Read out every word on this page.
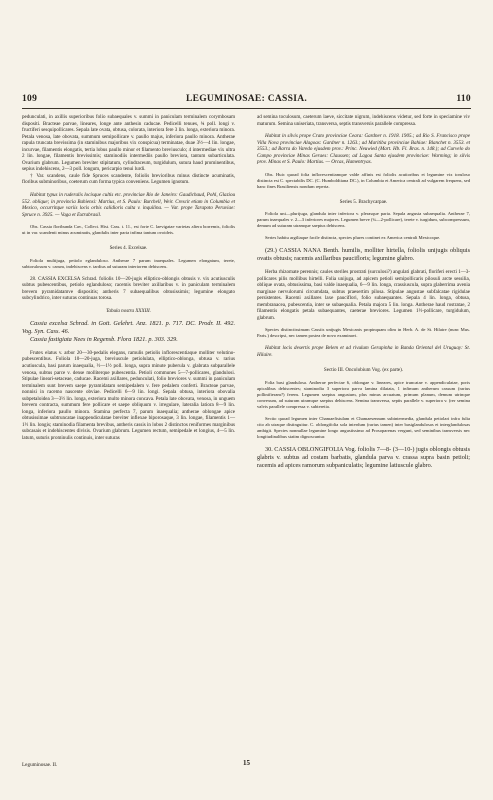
109	LEGUMINOSAE: CASSIA.	110

pedunculati, in axillis superioribus folio subaequales v. summi in paniculam terminalem corymbosam dispositi. Bracteae parvae, lineares, longe ante anthesin caducae. Pedicelli tenues, ¾ poll. longi v. fructiferi sesquipollicares. Sepala late ovata, obtusa, colorata, interiora fere 3 lin. longa, exteriora minora. Petala venosa, late obovata, summum semipollicare v. paullo majus, inferiora paullo minora. Antherae rapula truncata brevissima (in staminibus majoribus vix conspicua) terminatae, duae 3½—4 lin. longae, incurvae, filamentis elongatis, tertia lobus paullo minor et filamento breviusculo; 4 intermediae vix ultra 2 lin. longae, filamentis brevissimis; staminodiis intermediis paullo breviora, tantum subarticulata. Ovarium glabrum. Legumen breviter stipitatum, cylindraceum, turgidulum, sutura haud prominentibus, sepius indehiscens, 2—3 poll. longum, pericarpio tenui lurdi.

† Var. scandens, caule fide Spruces scandente, foliolis brevioribus minus distincte acuminatis, floribus subminoribus, coeterum cum forma typica conveniens. Legumen ignotum.

Habitat typus in ruderalis locisque cultis etc. provinciae Rio de Janeiro: Gaudichaud, Pohl, Glaziou 552. oblique; in provincia Bahiensi: Martius, et S. Paulo: Burchell, Weir. Crescit etiam in Columbia et Mexico, occurritque variis locis orbis calidioris culta v. inquilina. — Var. prope Tarapoto Peruviae: Spruce n. 3925. — Vaga et Extrabrasil.

Obs. Cassia floribunda Cav., Collect. Hist. Cass. t. 11., est forte C. laevigatae varietas altera borremis, foliolis ut in var. scandenti minus acuminatis, glandulis inter paria infima tantum ovoideis.

Series 4. Excelsae.

Foliola multijuga, petiolo eglanduloso. Antherae 7 parum inaequales. Legumen elongatum, terete, subtorulosum v. carum, indehiscens v. tardius ad suturam interiorem dehiscens.

28. CASSIA EXCELSA Schrad. foliolis 10—20-jugis elliptico-oblongis obtusis v. vix acutiusculis subtus pubescentibus, petiolo eglanduloso; racemis breviter axillaribus v. in paniculam terminalem brevem pyramidatamve dispositis; antheris 7 subaequalibus obtusissimis; legumine elongato subcylindrico, inter suturas continuas torosa.

Tabula nostra XXXIII.

Cassia excelsa Schrad. in Gott. Gelehrt. Anz. 1821. p. 717. DC. Prodr. II. 492. Vog. Syn. Cass. 46.

Cassia fastigiata Nees in Regensb. Flora 1821. p. 303. 329.

Frutex elatus v. arbor 20—30-pedalis elegans, ramulis petiolis inflorescentiaque molliter velutino-pubescentibus. Foliola 10—20-juga, breviuscule petiolulata, elliptico-oblonga, obtusa v. rarius acutiuscula, basi parum inaequalia, ½—1½ poll. longa, supra minute puberula v. glabrata subparallele venosa, subtus parce v. dense molliterque pubescentia. Petioli communes 5—7-pollicares, glandulosi. Stipulae lineari-setaceae, caducae. Racemi axillares, pedunculati, folio breviores v. summi in paniculam terminalem sunt brevem saepe pyramidatam semipedalem v. fere pedalem conferti. Bracteae parvae, nonnisi in racemo nascente obviae. Pedicelli 6—9 lin. longi. Sepala obtusa, interiora obovalia subpetaloidea 3—3½ lin. longa, exteriora multo minora concava. Petala late obovata, venosa, in unguem brevem contracta, summum fere pollicare et saepe obliquum v. irregulare, lateralia latiora 8—9 lin. longa, inferiora paullo minora. Stamina perfecta 7, parum inaequalia; antherae oblongae apice obtusissimae subtruncatae inappendiculatae breviter inflexae biporosaque, 3 lin. longae, filamentis 1—1½ lin. longis; staminodia filamenta brevibus, antheris cassis in lobos 2 distinctos reniformes marginibus subcasais et indehiscentes divisis. Ovarium glabrum. Legumen rectum, semipedale et longius, 4—5 lin. latum, suturis prominulis continuis, inter suturas

ad semina toculosum, caeterum laeve, siccitate nigrum, indehiscens videtur, sed forte in speciamine viv maturum. Semina uniseriata, transversa, septis transversis parallele compressa.

Habitat in silvis prope Crato provinciae Ceara: Gardner n. 1918. 1905.; ad Rio S. Francisco prope Villa Nova provinciae Alagoas: Gardner n. 1263.; ad Maritiba provinciae Bahiae: Blanchet n. 3553. et 3553.; ad Barra do Varedo ejusdem prov.: Princ. Neuwied (Mart. Hb. Fl. Bras. n. 148.); ad Curvelo do Campo provinciae Minas Geraes: Claussen; ad Lagoa Santa ejusdem provinciae: Warming; in silvis prov. Minas et S. Paulo: Martius. — Orcas, Hamentryas.

Obs. Huic quoad folia inflorescentiamque valde affinis est foliolis acutioribus et legumine vix toruloso distincta est C. spectabilis DC. (C. Humboldtiana DC.), in Columbia et America centrali ad vulgarem frequens, sed hanc fines Brasiliensis nondum reperta.

Series 5. Brachycarpae.

Foliola uni—plurijuga, glandula inter inferiora v. plerasque paria. Sepala angusta subaequalia. Antherae 7, parum inaequales v. 2—3 inferiores majores. Legumen breve (¾—2-pollicare), terete v. turgidum, subcompressum, demum ad suturam utramque saepius dehiscens.

Series habitu argiliaque facile distincta, species plures continet ex America centrali Mexicoque.

(29.) CASSIA NANA Benth. humilis, molliter hirtella, foliolis unijugis obliquis ovatis obtusis; racemis axillaribus paucifloris; legumine glabro.

Herba rhizomate perennis; caules steriles prostrati (surculosi?) angulati glabrati, floriferi erecti 1—3-pollicares pilis mollibus hirtelli. Folia unijuga, ad apicem petioli semipollicaris pilosuli arcte sessilia, oblique ovata, obtusissima, basi valde inaequalia, 6—9 lin. longa, crassiuscula, supra glaberrima avenia marginae nervulorumi circumdata, subtus praesertim pilosa. Stipulae angustae subfalcatae rigidulae persistentes. Racemi axillares laxe pauciflori, folio subaequantes. Sepala 4 lin. longa, obtusa, membranacea, pubescentia, inter se subaequalia. Petala majora 5 lin. longa. Antherae haud rostratae, 2 filamentis elongatis petala subaequantes, caeterae breviores. Legumen 1½-pollicare, turgidulum, glabrum.

Species distinctissimam Cassiis unijugis Mexicanis propinquam olim in Herb. A. de St. Hilaire (nunc Mus. Paris.) descripsi, nec tamen postea de novo examinavi.

Habitat locis desertis prope Belem et ad rivulum Gerapinha in Banda Oriental del Uruguay: St. Hilaire.

Sectio III. Oncolobium Vog. (ex parte).

Folia basi glandulosa. Antherae perfectae 6, oblongae v. lineares, apice truncatae v. appendiculatae, poris apicalibus dehiscentes; staminodia 3 superiora parva lamina dilatata, 1 infimum antherum cassum (rarius pollinifieram?) ferens. Legumen saepius angustum, plus minus arcuatum, primum planum, demum utrinque convexum, ad suturam utramque saepius dehiscens. Semina transversa, septis parallele v. superiora v. (rer semina valvis parallele compressa v. subteretia.

Sectio quoad legumen inter Chamaefistulam et Chamaesennam subintermedia, glandula petiolari infra fulia cito ab utraque distinguitur. C. oblongifolia sola interdum (rarius tamen) inter basiglandulosas et interglandulosas ambigit. Species nonnullae legumine longo angustissimo ad Prosoparenas vergunt, sed seminibus transversis nec longitudinalibus statim dignoscuntur.

30. CASSIA OBLONGIFOLIA Vog. foliolis 7—8- (3—10-) jugis oblongis obtusis glabris v. subtus ad costam barbatis, glandula parva v. crassa supra basin petioli; racemis ad apices ramorum subpaniculatis; legumine latiuscule glabro.

Leguminosae. II.	15
